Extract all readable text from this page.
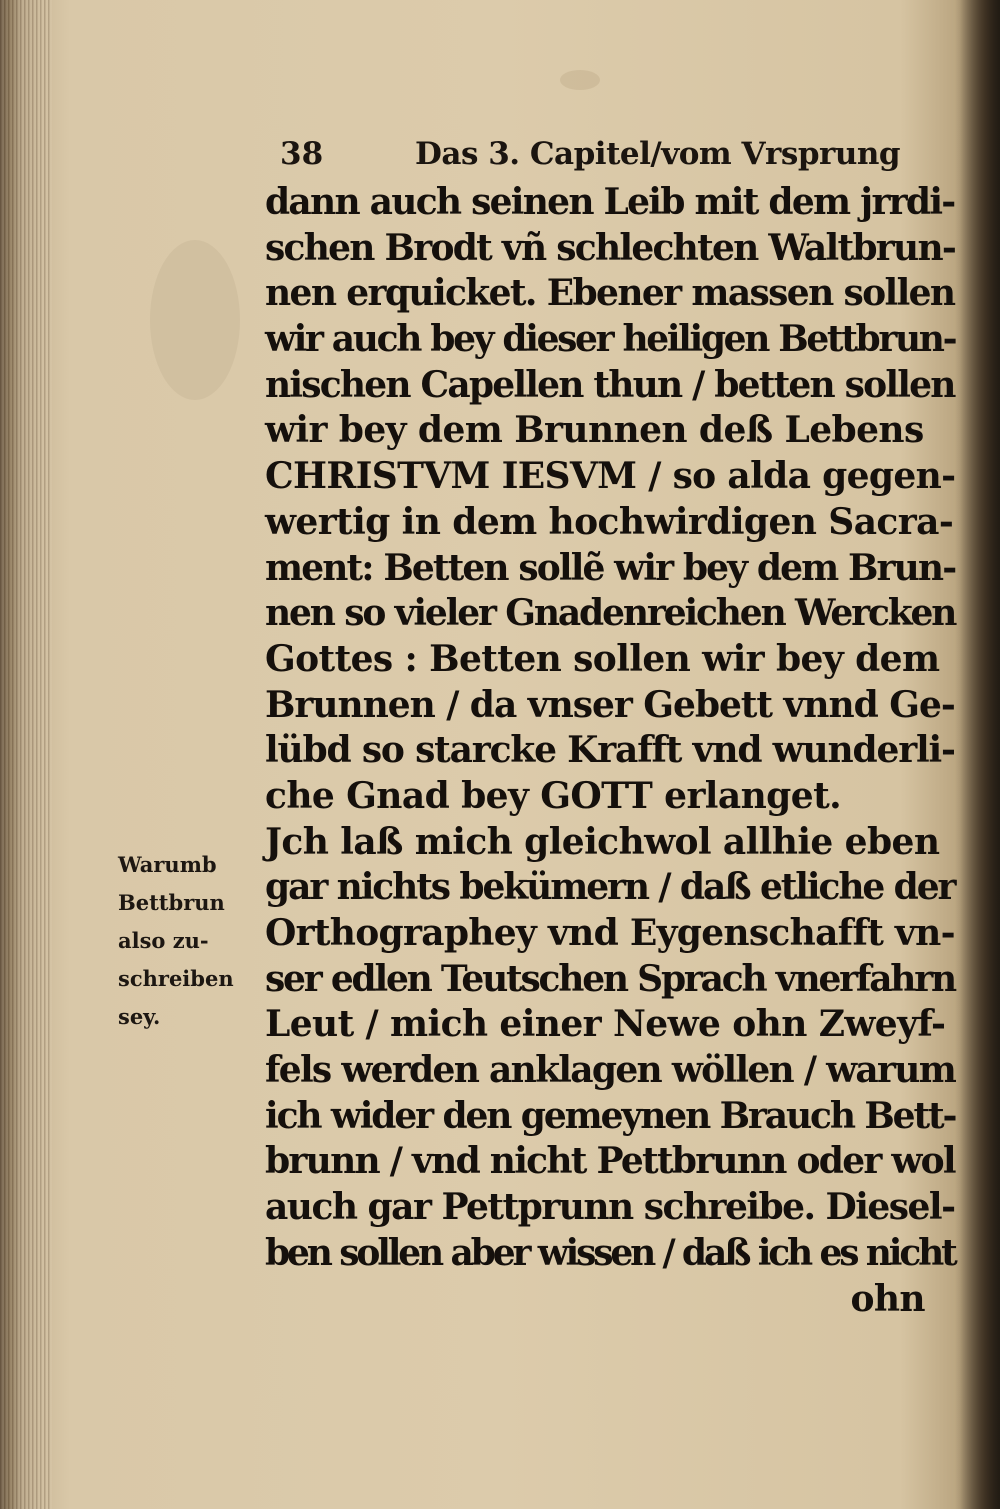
38	Das 3. Capitel/vom Vrsprung
dann auch seinen Leib mit dem jrrdi-
schen Brodt vñ schlechten Waltbrun-
nen erquicket. Ebener massen sollen
wir auch bey dieser heiligen Bettbrun-
nischen Capellen thun / betten sollen
wir bey dem Brunnen deß Lebens
CHRISTVM IESVM / so alda gegen-
wertig in dem hochwirdigen Sacra-
ment: Betten sollẽ wir bey dem Brun-
nen so vieler Gnadenreichen Wercken
Gottes : Betten sollen wir bey dem
Brunnen / da vnser Gebett vnnd Ge-
lübd so starcke Krafft vnd wunderli-
che Gnad bey GOTT erlanget.
Jch laß mich gleichwol allhie eben
gar nichts bekümern / daß etliche der
Orthographey vnd Eygenschafft vn-
ser edlen Teutschen Sprach vnerfahrn
Leut / mich einer Newe ohn Zweyf-
fels werden anklagen wöllen / warum
ich wider den gemeynen Brauch Bett-
brunn / vnd nicht Pettbrunn oder wol
auch gar Pettprunn schreibe. Diesel-
ben sollen aber wissen / daß ich es nicht
ohn
Warumb
Bettbrun
also zu-
schreiben
sey.
